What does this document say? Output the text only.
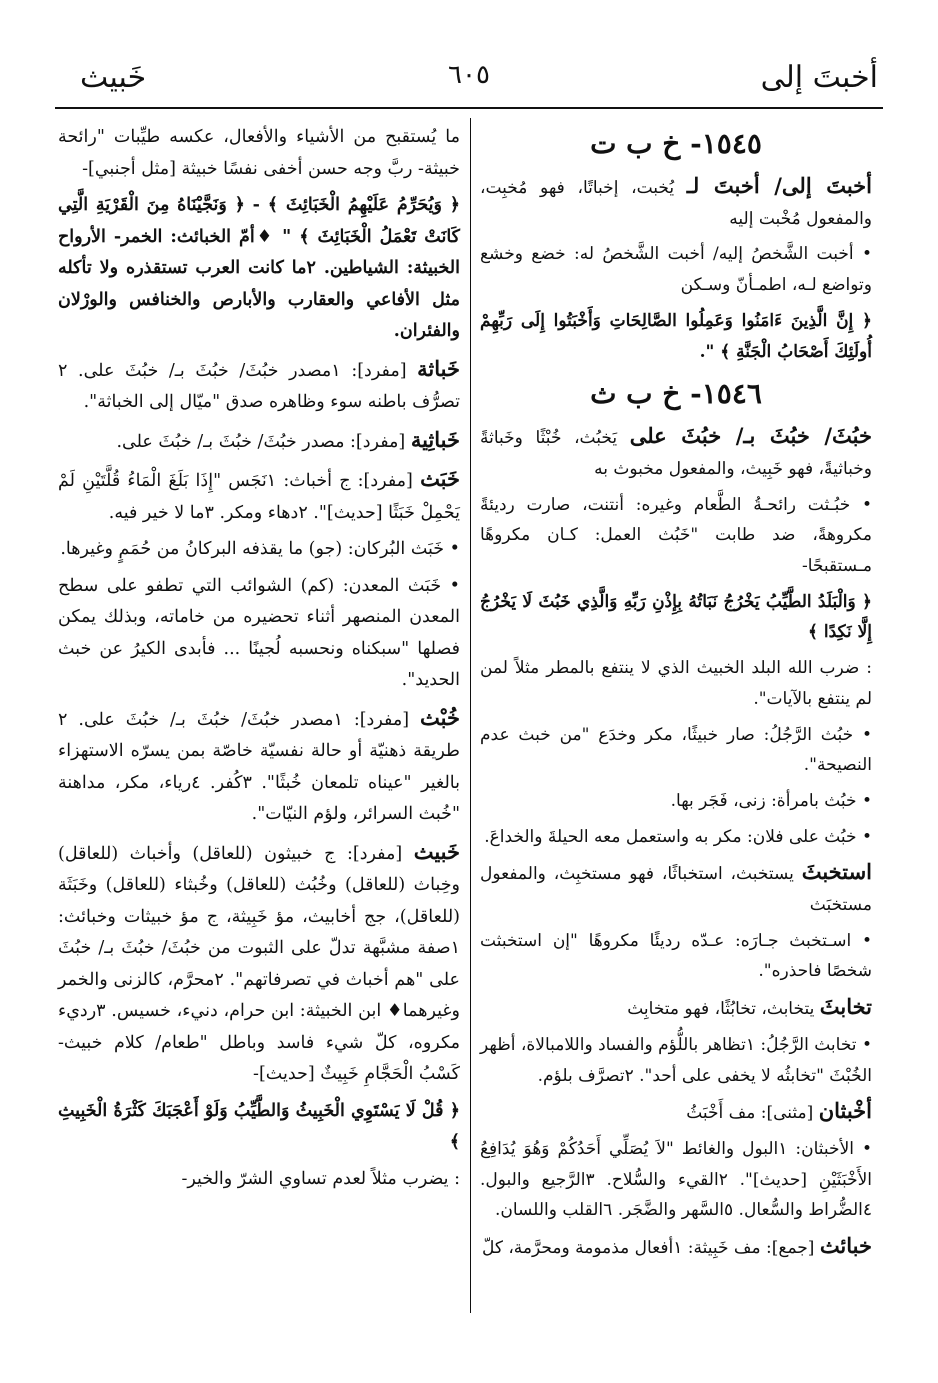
أخبتَ إلى
٦٠٥
خَبيث

١٥٤٥- خ ب ت

أخبتَ إلى/ أخبتَ لـ يُخبت، إخباتًا، فهو مُخبِت، والمفعول مُخْبت إليه

• أخبت الشَّخصُ إليه/ أخبت الشَّخصُ له: خضع وخشع وتواضع لـه، اطمـأنّ وسـكن

﴿ إِنَّ الَّذِينَ ءَامَنُوا وَعَمِلُوا الصَّالِحَاتِ وَأَخْبَتُوا إِلَى رَبِّهِمْ أُولَئِكَ أَصْحَابُ الْجَنَّةِ ﴾ ".

١٥٤٦- خ ب ث

خبُثَ/ خبُثَ بـ/ خبُثَ على يَخبُث، خُبْثًا وخَباثةً وخباثيةً، فهو خَبِيث، والمفعول مخبوث به

• خبُـثت رائحـةُ الطَّعام وغيره: أنتنت، صارت رديئةً مكروهةً، ضد طابت "خَبُث العمل: كـان مكروهًا مـستقبحًا-

﴿ وَالْبَلَدُ الطَّيِّبُ يَخْرُجُ نَبَاتُهُ بِإِذْنِ رَبِّهِ وَالَّذِي خَبُثَ لَا يَخْرُجُ إِلَّا نَكِدًا ﴾

: ضرب الله البلد الخبيث الذي لا ينتفع بالمطر مثلاً لمن لم ينتفع بالآيات".

• خبُث الرَّجُلُ: صار خبيثًا، مكر وخدَع "من خبث عدم النصيحة".

• خبُث بامرأة: زنى، فَجَر بها.

• خبُث على فلان: مكر به واستعمل معه الحيلةَ والخداعَ.

استخبثَ يستخبث، استخباثًا، فهو مستخبِث، والمفعول مستخبَث

• اسـتخبث جـارَه: عـدّه رديئًا مكروهًا "إن استخبثت شخصًا فاحذره".

تخابثَ يتخابث، تخابُثًا، فهو متخابِث

• تخابث الرَّجُلُ: ١تظاهر باللُّؤم والفساد واللامبالاة، أظهر الخُبْثَ "تخابثُه لا يخفى على أحد". ٢تصرَّف بلؤم.

أخْبثان [مثنى]: مف أَخْبَثُ

• الأخبثان: ١البول والغائط "لاَ يُصَلِّي أَحَدُكُمْ وَهُوَ يُدَافِعُ الأَخْبَثَيْنِ [حديث]". ٢القيء والسُّلاح. ٣الرَّجيع والبول. ٤الضُّراط والسُّعال. ٥السَّهر والضَّجَر. ٦القلب واللسان.

خبائث [جمع]: مف خَبِيثة: ١أفعال مذمومة ومحرَّمة، كلّ

ما يُستقبح من الأشياء والأفعال، عكسه طيِّبات "رائحة خبيثة- ربَّ وجه حسن أخفى نفسًا خبيثة [مثل أجنبي]-

﴿ وَيُحَرِّمُ عَلَيْهِمُ الْخَبَائِثَ ﴾ - ﴿ وَنَجَّيْنَاهُ مِنَ الْقَرْيَةِ الَّتِي كَانَتْ تَعْمَلُ الْخَبَائِثَ ﴾ " ♦أمّ الخبائث: الخمر- الأرواح الخبيثة: الشياطين. ٢ما كانت العرب تستقذره ولا تأكله مثل الأفاعي والعقارب والأبارص والخنافس والورْلان والفئران.

خَباثة [مفرد]: ١مصدر خبُثَ/ خبُثَ بـ/ خبُثَ على. ٢ تصرُّف باطنه سوء وظاهره صدق "ميّال إلى الخباثة".

خَباثِية [مفرد]: مصدر خبُثَ/ خبُثَ بـ/ خبُثَ على.

خَبَث [مفرد]: ج أخباث: ١نَجَس "إِذَا بَلَغَ الْمَاءُ قُلَّتَيْنِ لَمْ يَحْمِلْ خَبَثًا [حديث]". ٢دهاء ومكر. ٣ما لا خير فيه.

• خَبَث البُركان: (جو) ما يقذفه البركانُ من حُمَمٍ وغيرها.

• خَبَث المعدن: (كم) الشوائب التي تطفو على سطح المعدن المنصهر أثناء تحضيره من خاماته، وبذلك يمكن فصلها "سبكناه ونحسبه لُجينًا ... فأبدى الكيرُ عن خبث الحديد".

خُبْث [مفرد]: ١مصدر خبُثَ/ خبُثَ بـ/ خبُثَ على. ٢ طريقة ذهنيّة أو حالة نفسيّة خاصّة بمن يسرّه الاستهزاء بالغير "عيناه تلمعان خُبثًا". ٣كُفر. ٤رياء، مكر، مداهنة "خُبث السرائر، ولؤم النيّات".

خَبيث [مفرد]: ج خبيثون (للعاقل) وأخباث (للعاقل) وخِباث (للعاقل) وخُبُث (للعاقل) وخُبثاء (للعاقل) وخَبَثَة (للعاقل)، جج أخابيث، مؤ خَبِيثة، ج مؤ خبيثات وخبائث: ١صفة مشبَّهة تدلّ على الثبوت من خبُثَ/ خبُثَ بـ/ خبُثَ على "هم أخباث في تصرفاتهم". ٢محرَّم، كالزنى والخمر وغيرهما♦ ابن الخبيثة: ابن حرام، دنيء، خسيس. ٣رديء مكروه، كلّ شيء فاسد وباطل "طعام/ كلام خبيث- كَسْبُ الْحَجَّامِ خَبِيثٌ [حديث]-

﴿ قُلْ لَا يَسْتَوِي الْخَبِيثُ وَالطَّيِّبُ وَلَوْ أَعْجَبَكَ كَثْرَةُ الْخَبِيثِ ﴾

: يضرب مثلاً لعدم تساوي الشرّ والخير-
